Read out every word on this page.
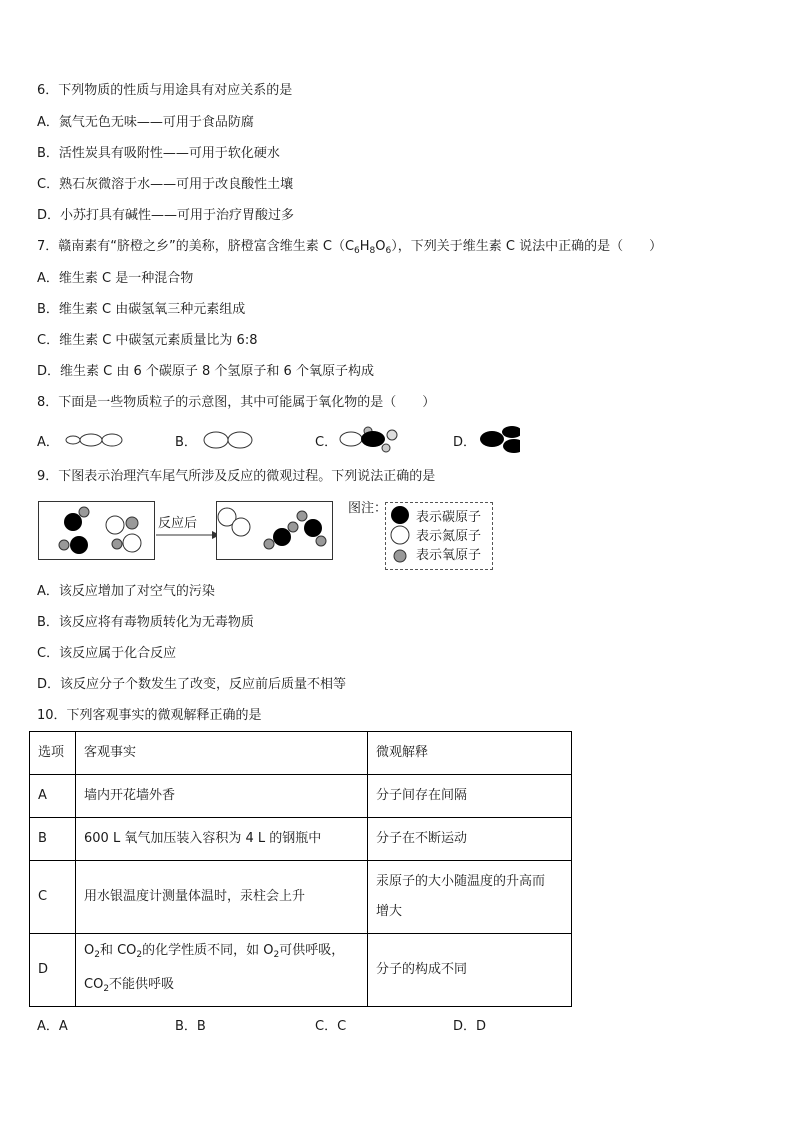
6．下列物质的性质与用途具有对应关系的是
A．氮气无色无味——可用于食品防腐
B．活性炭具有吸附性——可用于软化硬水
C．熟石灰微溶于水——可用于改良酸性土壤
D．小苏打具有碱性——可用于治疗胃酸过多
7．赣南素有“脐橙之乡”的美称，脐橙富含维生素 $C(C_6H_8O_6)$，下列关于维生素 C 说法中正确的是（　　）
A．维生素 C 是一种混合物
B．维生素 C 由碳氢氧三种元素组成
C．维生素 C 中碳氢元素质量比为 6:8
D．维生素 C 由 6 个碳原子 8 个氢原子和 6 个氧原子构成
8．下面是一些物质粒子的示意图，其中可能属于氧化物的是（　　）
A．	B．	C．	D．
9．下图表示治理汽车尾气所涉及反应的微观过程。下列说法正确的是
反应后
图注：
表示碳原子
表示氮原子
表示氧原子
A．该反应增加了对空气的污染
B．该反应将有毒物质转化为无毒物质
C．该反应属于化合反应
D．该反应分子个数发生了改变，反应前后质量不相等
10．下列客观事实的微观解释正确的是
选项	客观事实	微观解释
A	墙内开花墙外香	分子间存在间隔
B	600 L 氧气加压装入容积为 4 L 的钢瓶中	分子在不断运动
C	用水银温度计测量体温时，汞柱会上升	汞原子的大小随温度的升高而
增大

D	$O_2$和 $CO_2$的化学性质不同，如 $O_2$可供呼吸，
$CO_2$不能供呼吸	分子的构成不同
A．A	B．B	C．C	D．D
